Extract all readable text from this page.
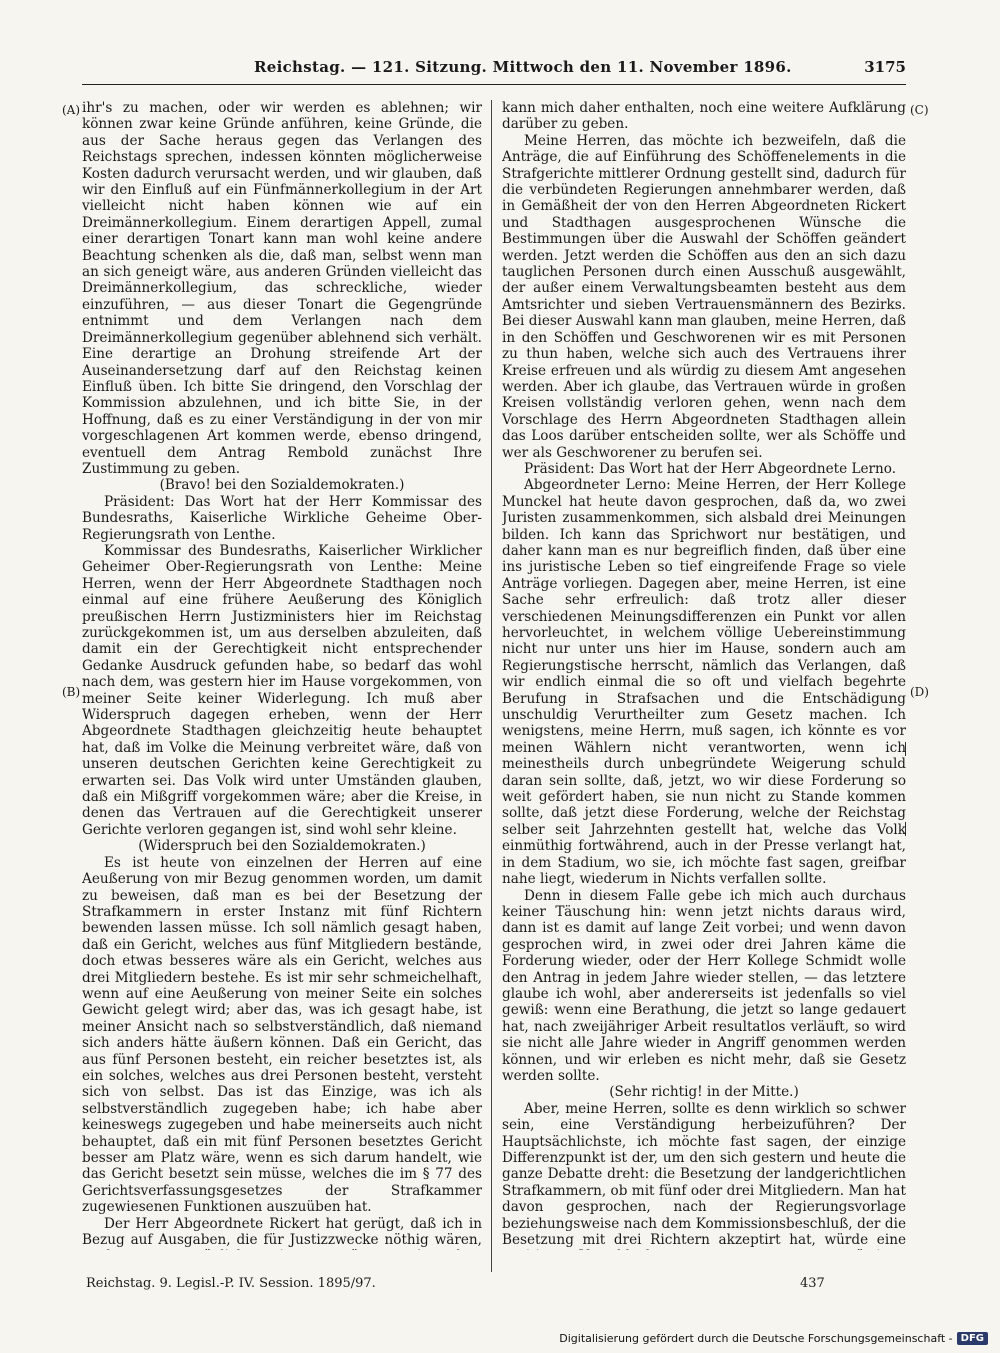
Reichstag. — 121. Sitzung. Mittwoch den 11. November 1896.	3175
(A)
(B)
(C)
(D)

ihr's zu machen, oder wir werden es ablehnen; wir können zwar keine Gründe anführen, keine Gründe, die aus der Sache heraus gegen das Verlangen des Reichstags sprechen, indessen könnten möglicherweise Kosten dadurch verursacht werden, und wir glauben, daß wir den Einfluß auf ein Fünfmännerkollegium in der Art vielleicht nicht haben können wie auf ein Dreimännerkollegium. Einem derartigen Appell, zumal einer derartigen Tonart kann man wohl keine andere Beachtung schenken als die, daß man, selbst wenn man an sich geneigt wäre, aus anderen Gründen vielleicht das Dreimännerkollegium, das schreckliche, wieder einzuführen, — aus dieser Tonart die Gegengründe entnimmt und dem Verlangen nach dem Dreimännerkollegium gegenüber ablehnend sich verhält. Eine derartige an Drohung streifende Art der Auseinandersetzung darf auf den Reichstag keinen Einfluß üben. Ich bitte Sie dringend, den Vorschlag der Kommission abzulehnen, und ich bitte Sie, in der Hoffnung, daß es zu einer Verständigung in der von mir vorgeschlagenen Art kommen werde, ebenso dringend, eventuell dem Antrag Rembold zunächst Ihre Zustimmung zu geben.

(Bravo! bei den Sozialdemokraten.)

Präsident: Das Wort hat der Herr Kommissar des Bundesraths, Kaiserliche Wirkliche Geheime Ober-Regierungsrath von Lenthe.

Kommissar des Bundesraths, Kaiserlicher Wirklicher Geheimer Ober-Regierungsrath von Lenthe: Meine Herren, wenn der Herr Abgeordnete Stadthagen noch einmal auf eine frühere Aeußerung des Königlich preußischen Herrn Justizministers hier im Reichstag zurückgekommen ist, um aus derselben abzuleiten, daß damit ein der Gerechtigkeit nicht entsprechender Gedanke Ausdruck gefunden habe, so bedarf das wohl nach dem, was gestern hier im Hause vorgekommen, von meiner Seite keiner Widerlegung. Ich muß aber Widerspruch dagegen erheben, wenn der Herr Abgeordnete Stadthagen gleichzeitig heute behauptet hat, daß im Volke die Meinung verbreitet wäre, daß von unseren deutschen Gerichten keine Gerechtigkeit zu erwarten sei. Das Volk wird unter Umständen glauben, daß ein Mißgriff vorgekommen wäre; aber die Kreise, in denen das Vertrauen auf die Gerechtigkeit unserer Gerichte verloren gegangen ist, sind wohl sehr kleine.

(Widerspruch bei den Sozialdemokraten.)

Es ist heute von einzelnen der Herren auf eine Aeußerung von mir Bezug genommen worden, um damit zu beweisen, daß man es bei der Besetzung der Strafkammern in erster Instanz mit fünf Richtern bewenden lassen müsse. Ich soll nämlich gesagt haben, daß ein Gericht, welches aus fünf Mitgliedern bestände, doch etwas besseres wäre als ein Gericht, welches aus drei Mitgliedern bestehe. Es ist mir sehr schmeichelhaft, wenn auf eine Aeußerung von meiner Seite ein solches Gewicht gelegt wird; aber das, was ich gesagt habe, ist meiner Ansicht nach so selbstverständlich, daß niemand sich anders hätte äußern können. Daß ein Gericht, das aus fünf Personen besteht, ein reicher besetztes ist, als ein solches, welches aus drei Personen besteht, versteht sich von selbst. Das ist das Einzige, was ich als selbstverständlich zugegeben habe; ich habe aber keineswegs zugegeben und habe meinerseits auch nicht behauptet, daß ein mit fünf Personen besetztes Gericht besser am Platz wäre, wenn es sich darum handelt, wie das Gericht besetzt sein müsse, welches die im § 77 des Gerichtsverfassungsgesetzes der Strafkammer zugewiesenen Funktionen auszuüben hat.

Der Herr Abgeordnete Rickert hat gerügt, daß ich in Bezug auf Ausgaben, die für Justizzwecke nöthig wären,

kann mich daher enthalten, noch eine weitere Aufklärung darüber zu geben.

Meine Herren, das möchte ich bezweifeln, daß die Anträge, die auf Einführung des Schöffenelements in die Strafgerichte mittlerer Ordnung gestellt sind, dadurch für die verbündeten Regierungen annehmbarer werden, daß in Gemäßheit der von den Herren Abgeordneten Rickert und Stadthagen ausgesprochenen Wünsche die Bestimmungen über die Auswahl der Schöffen geändert werden. Jetzt werden die Schöffen aus den an sich dazu tauglichen Personen durch einen Ausschuß ausgewählt, der außer einem Verwaltungsbeamten besteht aus dem Amtsrichter und sieben Vertrauensmännern des Bezirks. Bei dieser Auswahl kann man glauben, meine Herren, daß in den Schöffen und Geschworenen wir es mit Personen zu thun haben, welche sich auch des Vertrauens ihrer Kreise erfreuen und als würdig zu diesem Amt angesehen werden. Aber ich glaube, das Vertrauen würde in großen Kreisen vollständig verloren gehen, wenn nach dem Vorschlage des Herrn Abgeordneten Stadthagen allein das Loos darüber entscheiden sollte, wer als Schöffe und wer als Geschworener zu berufen sei.

Präsident: Das Wort hat der Herr Abgeordnete Lerno.

Abgeordneter Lerno: Meine Herren, der Herr Kollege Munckel hat heute davon gesprochen, daß da, wo zwei Juristen zusammenkommen, sich alsbald drei Meinungen bilden. Ich kann das Sprichwort nur bestätigen, und daher kann man es nur begreiflich finden, daß über eine ins juristische Leben so tief eingreifende Frage so viele Anträge vorliegen. Dagegen aber, meine Herren, ist eine Sache sehr erfreulich: daß trotz aller dieser verschiedenen Meinungsdifferenzen ein Punkt vor allen hervorleuchtet, in welchem völlige Uebereinstimmung nicht nur unter uns hier im Hause, sondern auch am Regierungstische herrscht, nämlich das Verlangen, daß wir endlich einmal die so oft und vielfach begehrte Berufung in Strafsachen und die Entschädigung unschuldig Verurtheilter zum Gesetz machen. Ich wenigstens, meine Herrn, muß sagen, ich könnte es vor meinen Wählern nicht verantworten, wenn ich meinestheils durch unbegründete Weigerung schuld daran sein sollte, daß, jetzt, wo wir diese Forderung so weit gefördert haben, sie nun nicht zu Stande kommen sollte, daß jetzt diese Forderung, welche der Reichstag selber seit Jahrzehnten gestellt hat, welche das Volk einmüthig fortwährend, auch in der Presse verlangt hat, in dem Stadium, wo sie, ich möchte fast sagen, greifbar nahe liegt, wiederum in Nichts verfallen sollte.

Denn in diesem Falle gebe ich mich auch durchaus keiner Täuschung hin: wenn jetzt nichts daraus wird, dann ist es damit auf lange Zeit vorbei; und wenn davon gesprochen wird, in zwei oder drei Jahren käme die Forderung wieder, oder der Herr Kollege Schmidt wolle den Antrag in jedem Jahre wieder stellen, — das letztere glaube ich wohl, aber andererseits ist jedenfalls so viel gewiß: wenn eine Berathung, die jetzt so lange gedauert hat, nach zweijähriger Arbeit resultatlos verläuft, so wird sie nicht alle Jahre wieder in Angriff genommen werden können, und wir erleben es nicht mehr, daß sie Gesetz werden sollte.

(Sehr richtig! in der Mitte.)

Aber, meine Herren, sollte es denn wirklich so schwer sein, eine Verständigung herbeizuführen? Der Hauptsächlichste, ich möchte fast sagen, der einzige Differenzpunkt ist der, um den sich gestern und heute die ganze Debatte dreht: die Besetzung der landgerichtlichen Strafkammern, ob mit fünf oder drei Mitgliedern. Man hat davon gesprochen, nach der Regierungsvorlage beziehungsweise nach dem Kommissionsbeschluß, der die Besetzung mit drei Richtern akzeptirt hat, würde eine

Reichstag. 9. Legisl.-P. IV. Session. 1895/97.	437
Digitalisierung gefördert durch die Deutsche Forschungsgemeinschaft - DFG
